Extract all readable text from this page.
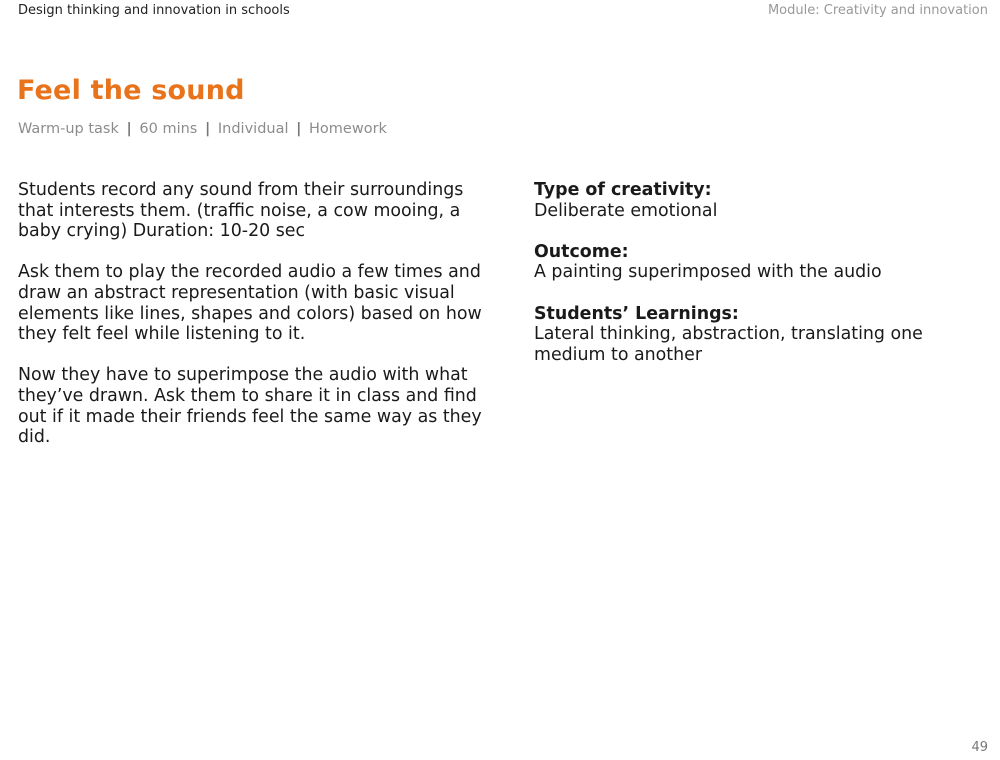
Design thinking and innovation in schools	Module: Creativity and innovation
Feel the sound
Warm-up task | 60 mins | Individual | Homework

Students record any sound from their surroundings that interests them. (traffic noise, a cow mooing, a baby crying) Duration: 10-20 sec

Ask them to play the recorded audio a few times and draw an abstract representation (with basic visual elements like lines, shapes and colors) based on how they felt feel while listening to it.

Now they have to superimpose the audio with what they’ve drawn. Ask them to share it in class and find out if it made their friends feel the same way as they did.

Type of creativity:
Deliberate emotional
Outcome:
A painting superimposed with the audio
Students’ Learnings:
Lateral thinking, abstraction, translating one medium to another
49
